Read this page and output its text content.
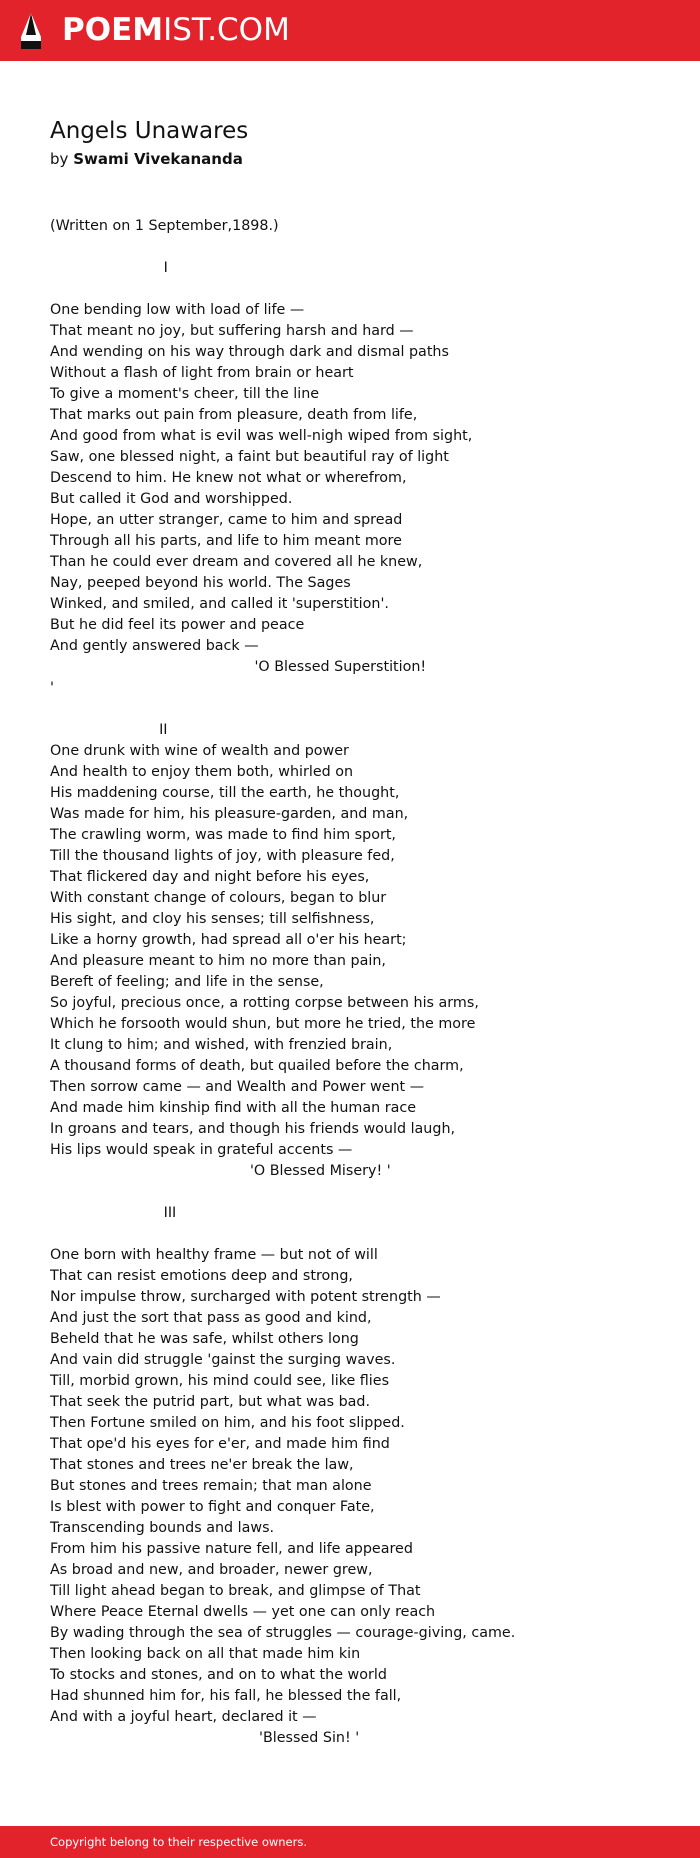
POEMIST.COM
Angels Unawares

by Swami Vivekananda

(Written on 1 September,1898.)
I
One bending low with load of life —
That meant no joy, but suffering harsh and hard —
And wending on his way through dark and dismal paths
Without a flash of light from brain or heart
To give a moment's cheer, till the line
That marks out pain from pleasure, death from life,
And good from what is evil was well-nigh wiped from sight,
Saw, one blessed night, a faint but beautiful ray of light
Descend to him. He knew not what or wherefrom,
But called it God and worshipped.
Hope, an utter stranger, came to him and spread
Through all his parts, and life to him meant more
Than he could ever dream and covered all he knew,
Nay, peeped beyond his world. The Sages
Winked, and smiled, and called it 'superstition'.
But he did feel its power and peace
And gently answered back —
'O Blessed Superstition!
'
II
One drunk with wine of wealth and power
And health to enjoy them both, whirled on
His maddening course, till the earth, he thought,
Was made for him, his pleasure-garden, and man,
The crawling worm, was made to find him sport,
Till the thousand lights of joy, with pleasure fed,
That flickered day and night before his eyes,
With constant change of colours, began to blur
His sight, and cloy his senses; till selfishness,
Like a horny growth, had spread all o'er his heart;
And pleasure meant to him no more than pain,
Bereft of feeling; and life in the sense,
So joyful, precious once, a rotting corpse between his arms,
Which he forsooth would shun, but more he tried, the more
It clung to him; and wished, with frenzied brain,
A thousand forms of death, but quailed before the charm,
Then sorrow came — and Wealth and Power went —
And made him kinship find with all the human race
In groans and tears, and though his friends would laugh,
His lips would speak in grateful accents —
'O Blessed Misery! '
III
One born with healthy frame — but not of will
That can resist emotions deep and strong,
Nor impulse throw, surcharged with potent strength —
And just the sort that pass as good and kind,
Beheld that he was safe, whilst others long
And vain did struggle 'gainst the surging waves.
Till, morbid grown, his mind could see, like flies
That seek the putrid part, but what was bad.
Then Fortune smiled on him, and his foot slipped.
That ope'd his eyes for e'er, and made him find
That stones and trees ne'er break the law,
But stones and trees remain; that man alone
Is blest with power to fight and conquer Fate,
Transcending bounds and laws.
From him his passive nature fell, and life appeared
As broad and new, and broader, newer grew,
Till light ahead began to break, and glimpse of That
Where Peace Eternal dwells — yet one can only reach
By wading through the sea of struggles — courage-giving, came.
Then looking back on all that made him kin
To stocks and stones, and on to what the world
Had shunned him for, his fall, he blessed the fall,
And with a joyful heart, declared it —
'Blessed Sin! '
Copyright belong to their respective owners.
